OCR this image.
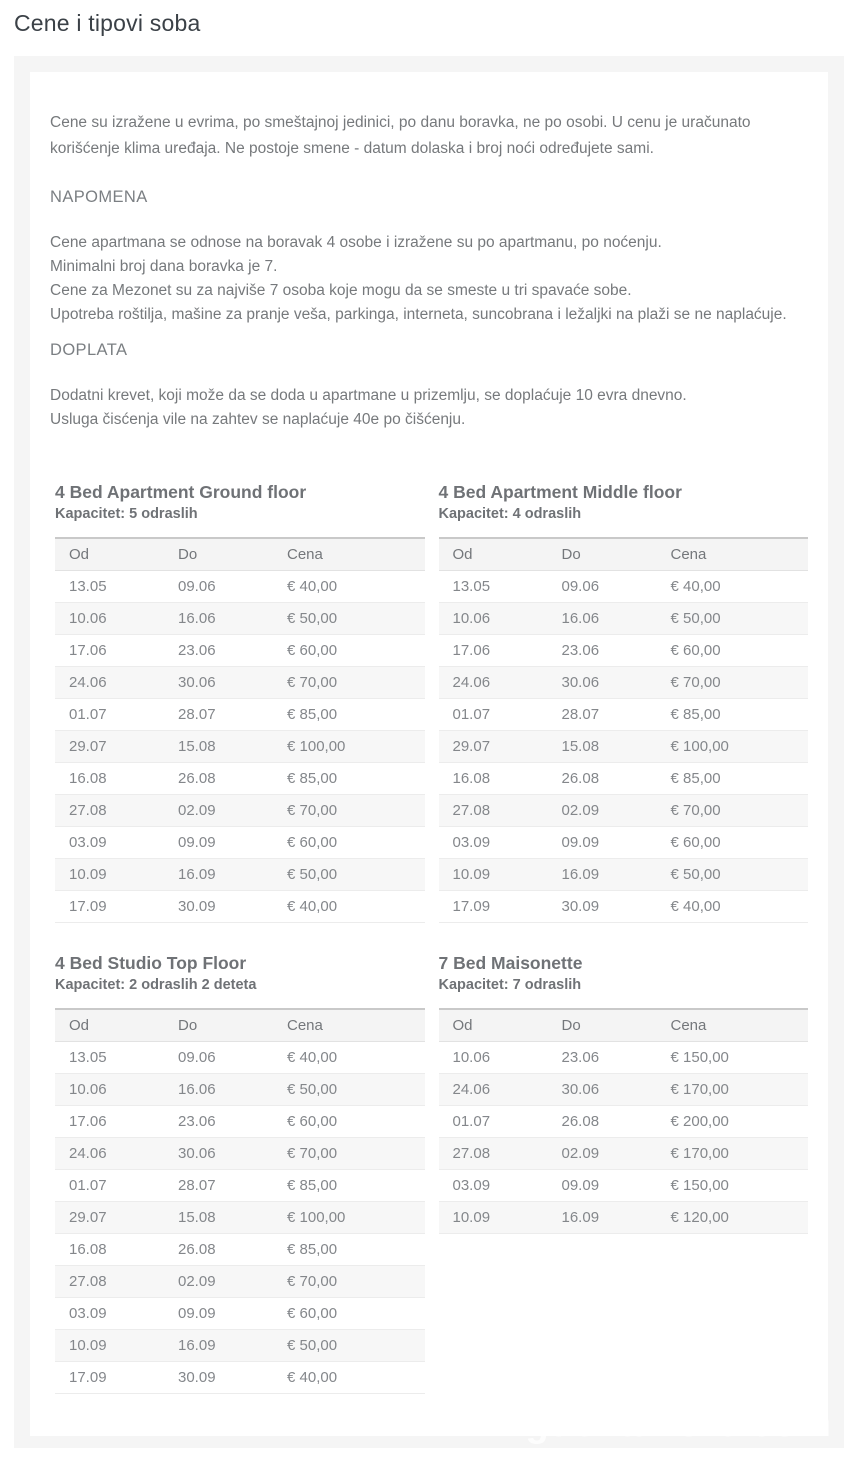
Cene i tipovi soba

Cene su izražene u evrima, po smeštajnoj jedinici, po danu boravka, ne po osobi. U cenu je uračunato korišćenje klima uređaja. Ne postoje smene - datum dolaska i broj noći određujete sami.

NAPOMENA

Cene apartmana se odnose na boravak 4 osobe i izražene su po apartmanu, po noćenju.

Minimalni broj dana boravka je 7.

Cene za Mezonet su za najviše 7 osoba koje mogu da se smeste u tri spavaće sobe.

Upotreba roštilja, mašine za pranje veša, parkinga, interneta, suncobrana i ležaljki na plaži se ne naplaćuje.

DOPLATA

Dodatni krevet, koji može da se doda u apartmane u prizemlju, se doplaćuje 10 evra dnevno.

Usluga čisćenja vile na zahtev se naplaćuje 40e po čišćenju.

4 Bed Apartment Ground floor

Kapacitet: 5 odraslih

Od	Do	Cena
13.05	09.06	€ 40,00
10.06	16.06	€ 50,00
17.06	23.06	€ 60,00
24.06	30.06	€ 70,00
01.07	28.07	€ 85,00
29.07	15.08	€ 100,00
16.08	26.08	€ 85,00
27.08	02.09	€ 70,00
03.09	09.09	€ 60,00
10.09	16.09	€ 50,00
17.09	30.09	€ 40,00
4 Bed Apartment Middle floor

Kapacitet: 4 odraslih

Od	Do	Cena
13.05	09.06	€ 40,00
10.06	16.06	€ 50,00
17.06	23.06	€ 60,00
24.06	30.06	€ 70,00
01.07	28.07	€ 85,00
29.07	15.08	€ 100,00
16.08	26.08	€ 85,00
27.08	02.09	€ 70,00
03.09	09.09	€ 60,00
10.09	16.09	€ 50,00
17.09	30.09	€ 40,00
4 Bed Studio Top Floor

Kapacitet: 2 odraslih 2 deteta

Od	Do	Cena
13.05	09.06	€ 40,00
10.06	16.06	€ 50,00
17.06	23.06	€ 60,00
24.06	30.06	€ 70,00
01.07	28.07	€ 85,00
29.07	15.08	€ 100,00
16.08	26.08	€ 85,00
27.08	02.09	€ 70,00
03.09	09.09	€ 60,00
10.09	16.09	€ 50,00
17.09	30.09	€ 40,00
7 Bed Maisonette

Kapacitet: 7 odraslih

Od	Do	Cena
10.06	23.06	€ 150,00
24.06	30.06	€ 170,00
01.07	26.08	€ 200,00
27.08	02.09	€ 170,00
03.09	09.09	€ 150,00
10.09	16.09	€ 120,00
www.gdenamore.com
